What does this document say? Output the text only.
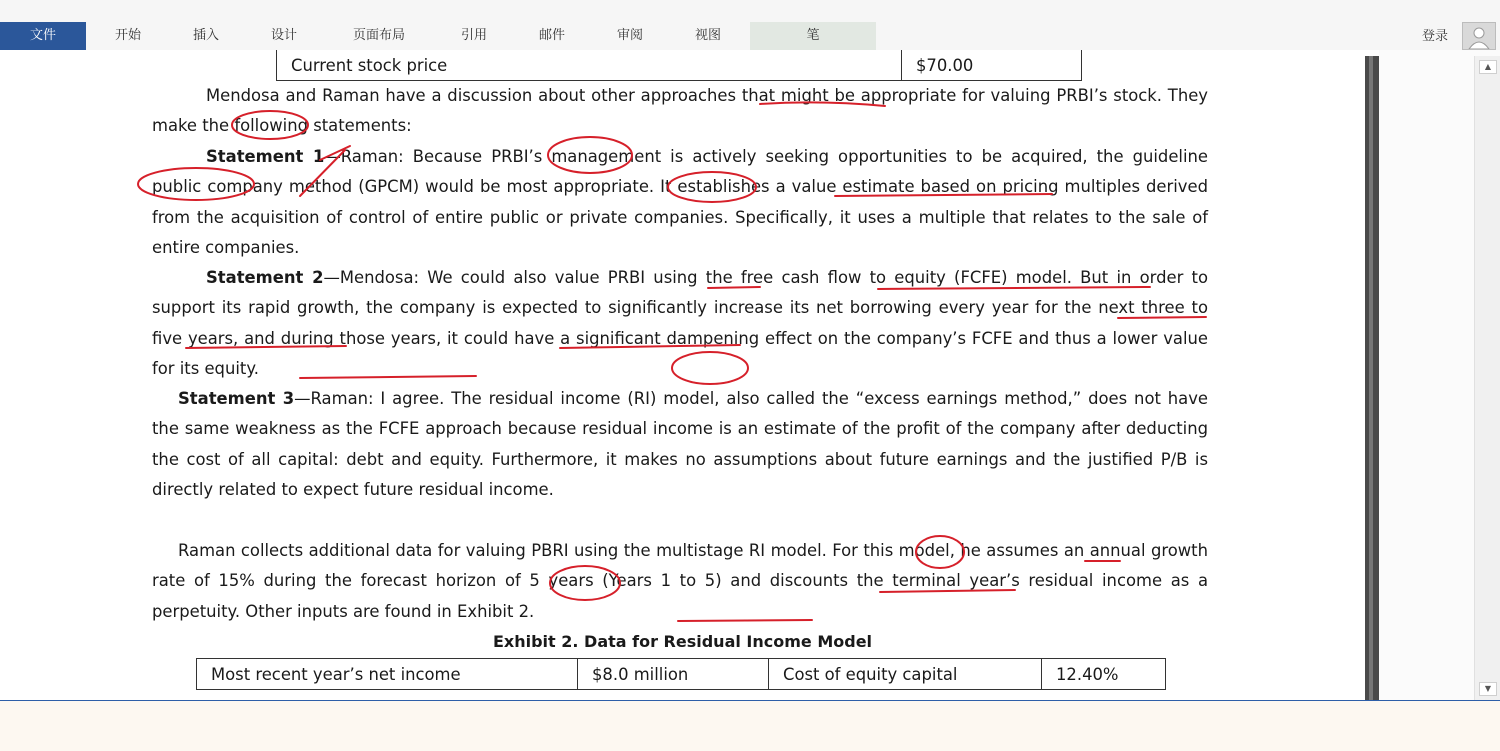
文件	开始	插入	设计	页面布局	引用	邮件	审阅	视图	笔	登录
Current stock price	$70.00

Mendosa and Raman have a discussion about other approaches that might be appropriate for valuing PRBI’s stock. They make the following statements:

Statement 1—Raman: Because PRBI’s management is actively seeking opportunities to be acquired, the guideline public company method (GPCM) would be most appropriate. It establishes a value estimate based on pricing multiples derived from the acquisition of control of entire public or private companies. Specifically, it uses a multiple that relates to the sale of entire companies.

Statement 2—Mendosa: We could also value PRBI using the free cash flow to equity (FCFE) model. But in order to support its rapid growth, the company is expected to significantly increase its net borrowing every year for the next three to five years, and during those years, it could have a significant dampening effect on the company’s FCFE and thus a lower value for its equity.

Statement 3—Raman: I agree. The residual income (RI) model, also called the “excess earnings method,” does not have the same weakness as the FCFE approach because residual income is an estimate of the profit of the company after deducting the cost of all capital: debt and equity. Furthermore, it makes no assumptions about future earnings and the justified P/B is directly related to expect future residual income.

Raman collects additional data for valuing PBRI using the multistage RI model. For this model, he assumes an annual growth rate of 15% during the forecast horizon of 5 years (Years 1 to 5) and discounts the terminal year’s residual income as a perpetuity. Other inputs are found in Exhibit 2.

Exhibit 2. Data for Residual Income Model
Most recent year’s net income	$8.0 million	Cost of equity capital	12.40%
▲
▼
